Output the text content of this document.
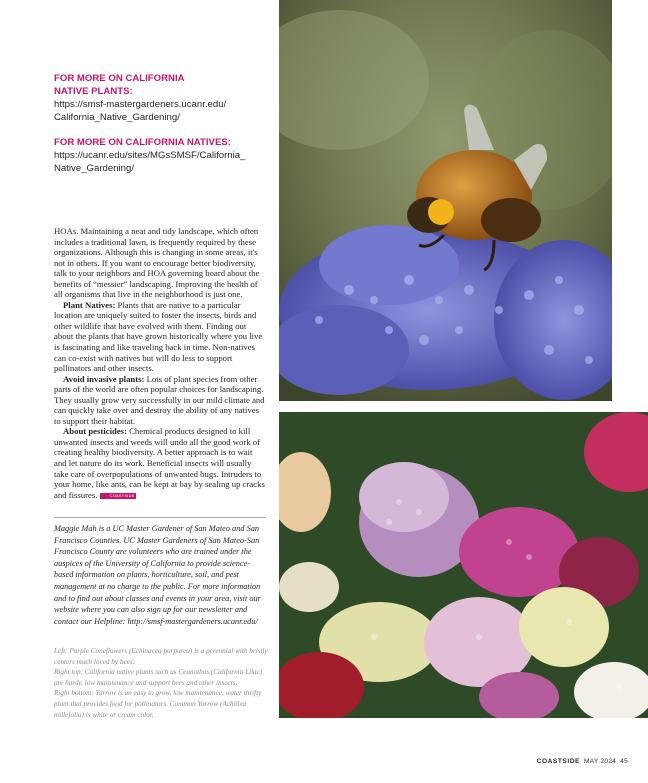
FOR MORE ON CALIFORNIA
NATIVE PLANTS:

https://smsf-mastergardeners.ucanr.edu/
California_Native_Gardening/

FOR MORE ON CALIFORNIA NATIVES:

https://ucanr.edu/sites/MGsSMSF/California_
Native_Gardening/

HOAs. Maintaining a neat and tidy landscape, which often includes a traditional lawn, is frequently required by these organizations. Although this is changing in some areas, it's not in others. If you want to encourage better biodiversity, talk to your neighbors and HOA governing board about the benefits of “messier” landscaping. Improving the health of all organisms that live in the neighborhood is just one.

Plant Natives: Plants that are native to a particular location are uniquely suited to foster the insects, birds and other wildlife that have evolved with them. Finding out about the plants that have grown historically where you live is fascinating and like traveling back in time. Non-natives can co-exist with natives but will do less to support pollinators and other insects.

Avoid invasive plants: Lots of plant species from other parts of the world are often popular choices for landscaping. They usually grow very successfully in our mild climate and can quickly take over and destroy the ability of any natives to support their habitat.

About pesticides: Chemical products designed to kill unwanted insects and weeds will undo all the good work of creating healthy biodiversity. A better approach is to wait and let nature do its work. Beneficial insects will usually take care of overpopulations of unwanted bugs. Intruders to your home, like ants, can be kept at bay by sealing up cracks and fissures.	COASTSIDE

Maggie Mah is a UC Master Gardener of San Mateo and San Francisco Counties. UC Master Gardeners of San Mateo-San Francisco County are volunteers who are trained under the auspices of the University of California to provide science-based information on plants, horticulture, soil, and pest management at no charge to the public. For more information and to find out about classes and events in your area, visit our website where you can also sign up for our newsletter and contact our Helpline: http://smsf-mastergardeners.ucanr.edu/

Left: Purple Coneflowers (Echinacea purpurea) is a perennial with bristly centers much loved by bees.

Right top: California native plants such as Ceanothus (California Lilac) are hardy, low maintenance and support bees and other insects.

Right bottom: Yarrow is an easy to grow, low maintenance, water thrifty plant that provides food for pollinators. Common Yarrow (Achillea millefolia) is white or cream color.

COASTSIDE MAY 2024 45
